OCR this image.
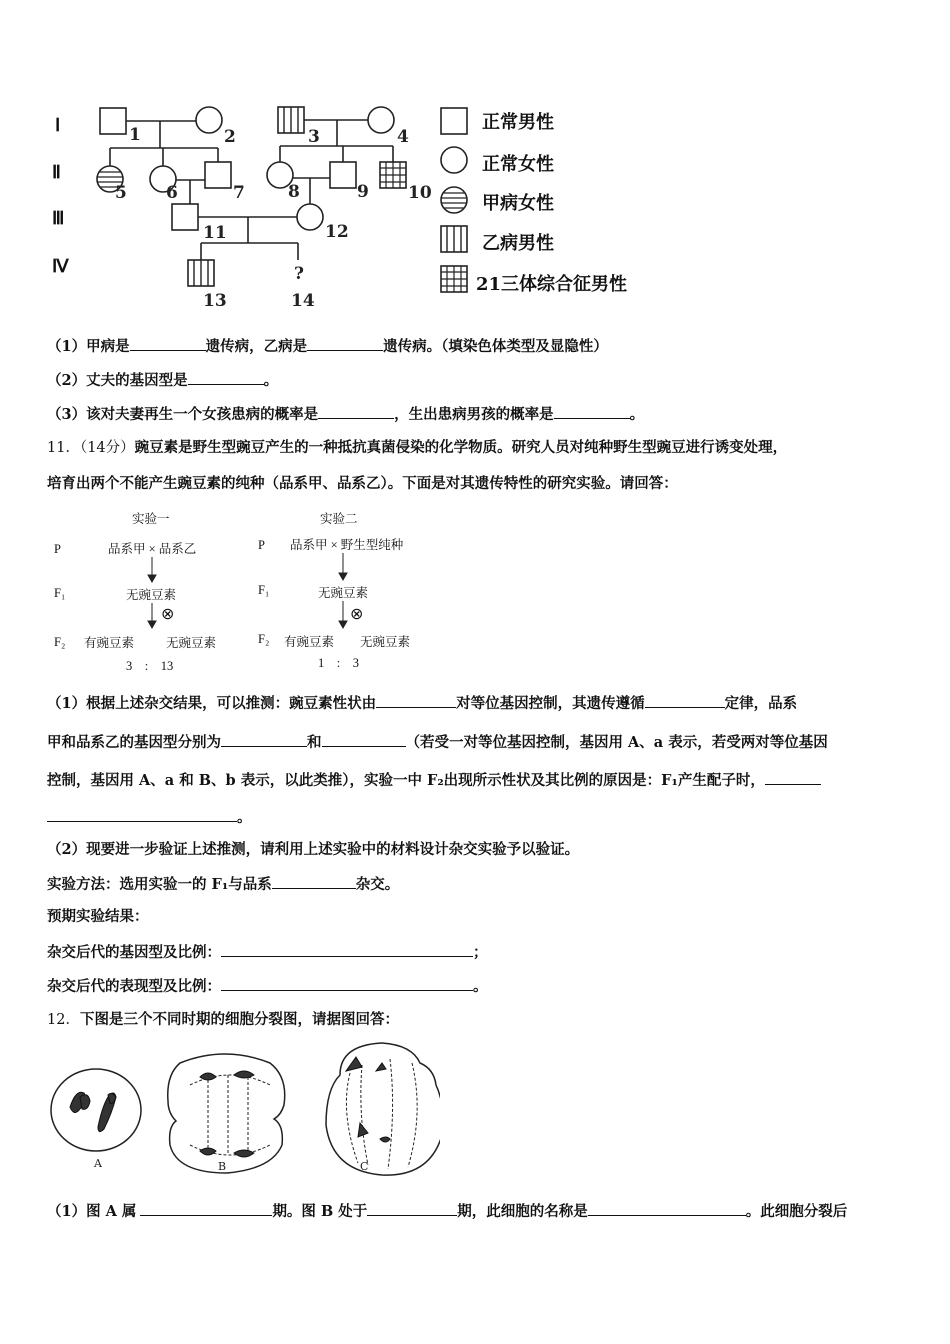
Ⅰ
Ⅱ
Ⅲ
Ⅳ
1	2	3	4
5 6	7	8	9 10
11	12
13	14
?
正常男性
正常女性
甲病女性
乙病男性
21三体综合征男性
（1）甲病是	遗传病，乙病是	遗传病。（填染色体类型及显隐性）
（2）丈夫的基因型是	。
（3）该对夫妻再生一个女孩患病的概率是	，生出患病男孩的概率是	。
11．（14分）豌豆素是野生型豌豆产生的一种抵抗真菌侵染的化学物质。研究人员对纯种野生型豌豆进行诱变处理，
培育出两个不能产生豌豆素的纯种（品系甲、品系乙）。下面是对其遗传特性的研究实验。请回答：
实验一
P	品系甲 × 品系乙
F₁	无豌豆素
⊗
F₂ 有豌豆素	无豌豆素
3　:　13
实验二
P 品系甲 × 野生型纯种
F₁	无豌豆素
⊗
F₂ 有豌豆素 无豌豆素
1　:　3
（1）根据上述杂交结果，可以推测：豌豆素性状由	对等位基因控制，其遗传遵循	定律，品系
甲和品系乙的基因型分别为	和	（若受一对等位基因控制，基因用 A、a 表示，若受两对等位基因
控制，基因用 A、a 和 B、b 表示，以此类推），实验一中 F₂出现所示性状及其比例的原因是：F₁产生配子时，
。
（2）现要进一步验证上述推测，请利用上述实验中的材料设计杂交实验予以验证。
实验方法：选用实验一的 F₁与品系	杂交。
预期实验结果：
杂交后代的基因型及比例：	；
杂交后代的表现型及比例：	。
12．下图是三个不同时期的细胞分裂图，请据图回答：
A	B	C
（1）图 A 属	期。图 B 处于	期，此细胞的名称是	。此细胞分裂后
